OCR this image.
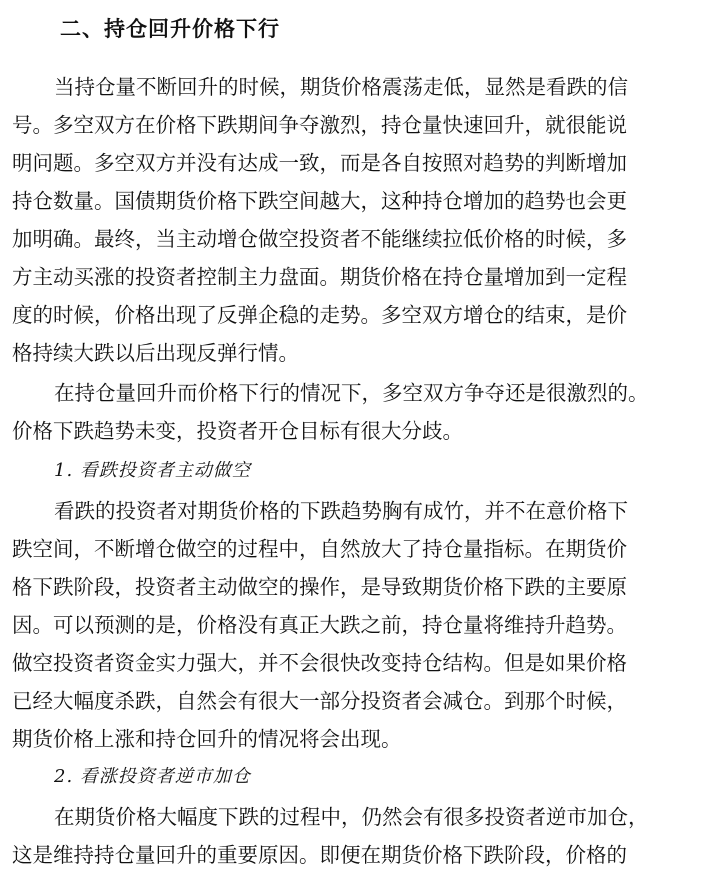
二、持仓回升价格下行

当持仓量不断回升的时候，期货价格震荡走低，显然是看跌的信

号。多空双方在价格下跌期间争夺激烈，持仓量快速回升，就很能说

明问题。多空双方并没有达成一致，而是各自按照对趋势的判断增加

持仓数量。国债期货价格下跌空间越大，这种持仓增加的趋势也会更

加明确。最终，当主动增仓做空投资者不能继续拉低价格的时候，多

方主动买涨的投资者控制主力盘面。期货价格在持仓量增加到一定程

度的时候，价格出现了反弹企稳的走势。多空双方增仓的结束，是价

格持续大跌以后出现反弹行情。

在持仓量回升而价格下行的情况下，多空双方争夺还是很激烈的。

价格下跌趋势未变，投资者开仓目标有很大分歧。

1. 看跌投资者主动做空

看跌的投资者对期货价格的下跌趋势胸有成竹，并不在意价格下

跌空间，不断增仓做空的过程中，自然放大了持仓量指标。在期货价

格下跌阶段，投资者主动做空的操作，是导致期货价格下跌的主要原

因。可以预测的是，价格没有真正大跌之前，持仓量将维持升趋势。

做空投资者资金实力强大，并不会很快改变持仓结构。但是如果价格

已经大幅度杀跌，自然会有很大一部分投资者会减仓。到那个时候，

期货价格上涨和持仓回升的情况将会出现。

2. 看涨投资者逆市加仓

在期货价格大幅度下跌的过程中，仍然会有很多投资者逆市加仓，

这是维持持仓量回升的重要原因。即便在期货价格下跌阶段，价格的
